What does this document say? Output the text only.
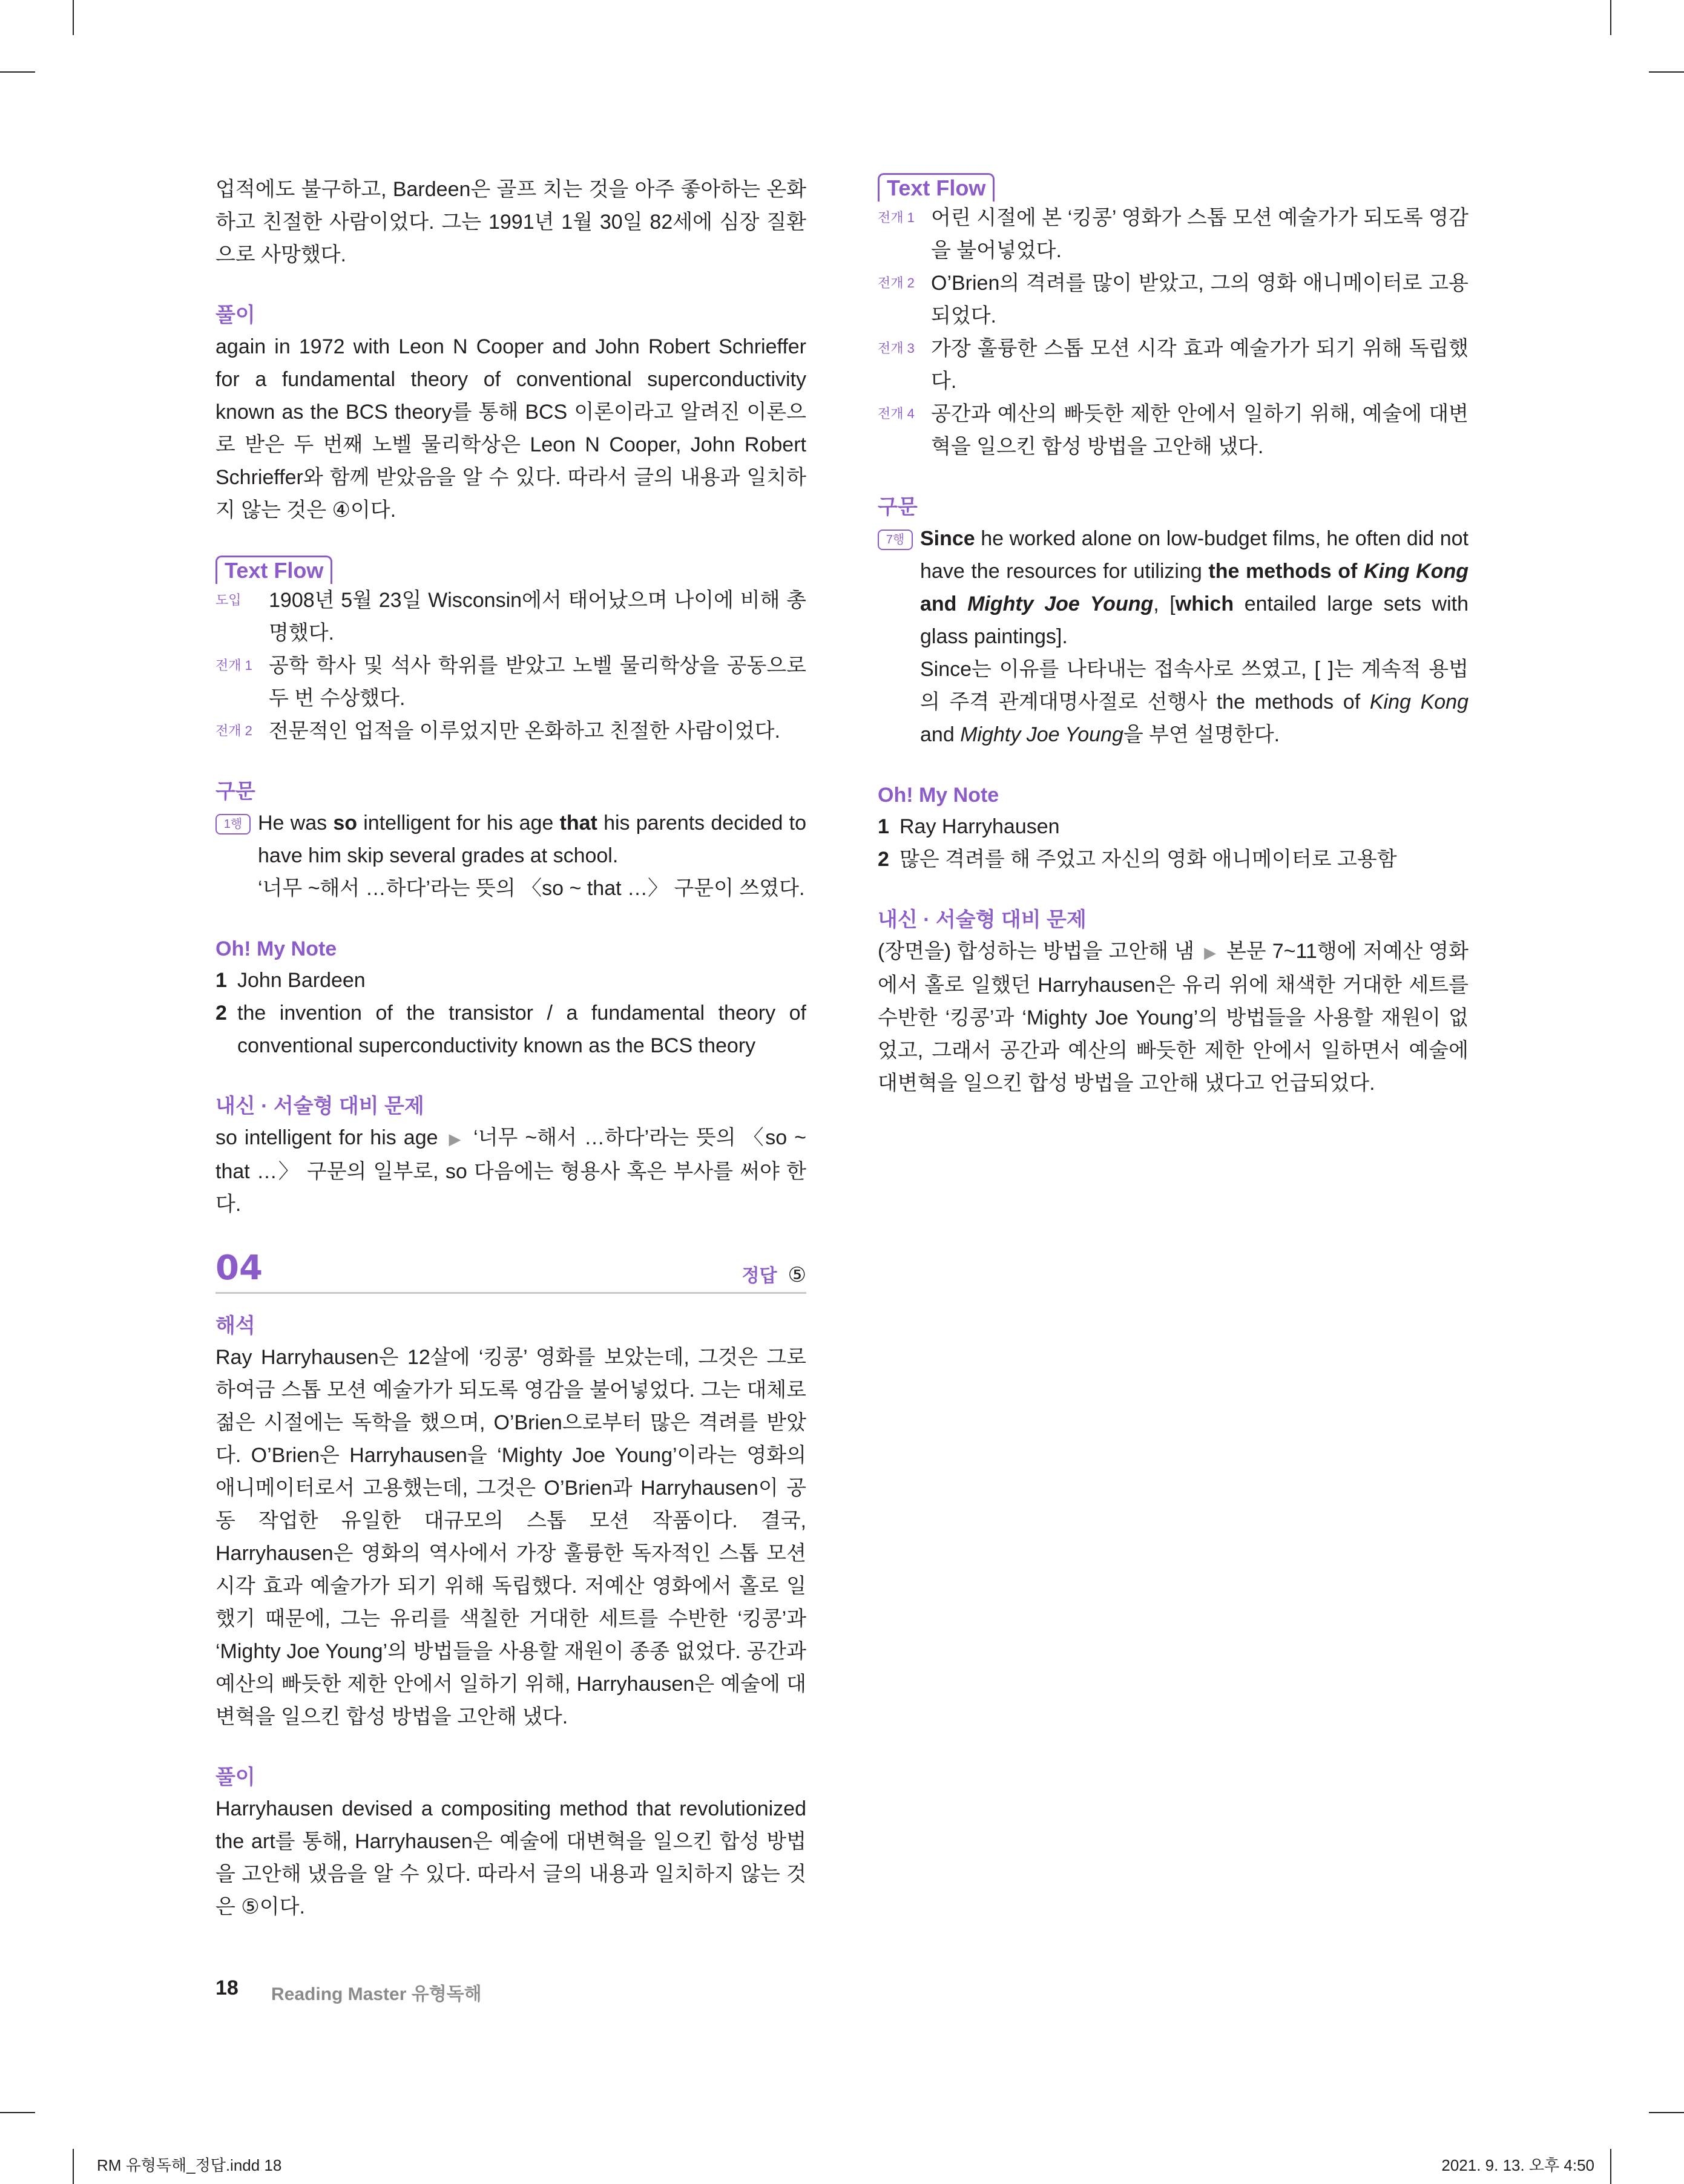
업적에도 불구하고, Bardeen은 골프 치는 것을 아주 좋아하는 온화하고 친절한 사람이었다. 그는 1991년 1월 30일 82세에 심장 질환으로 사망했다.

풀이

again in 1972 with Leon N Cooper and John Robert Schrieffer for a fundamental theory of conventional superconductivity known as the BCS theory를 통해 BCS 이론이라고 알려진 이론으로 받은 두 번째 노벨 물리학상은 Leon N Cooper, John Robert Schrieffer와 함께 받았음을 알 수 있다. 따라서 글의 내용과 일치하지 않는 것은 ④이다.

Text Flow
도입	1908년 5월 23일 Wisconsin에서 태어났으며 나이에 비해 총명했다.
전개 1 공학 학사 및 석사 학위를 받았고 노벨 물리학상을 공동으로 두 번 수상했다.
전개 2 전문적인 업적을 이루었지만 온화하고 친절한 사람이었다.

구문

1행 He was so intelligent for his age that his parents decided to have him skip several grades at school.
‘너무 ~해서 …하다’라는 뜻의 〈so ~ that …〉 구문이 쓰였다.

Oh! My Note

1 John Bardeen
2 the invention of the transistor / a fundamental theory of conventional superconductivity known as the BCS theory

내신 · 서술형 대비 문제

so intelligent for his age ▶ ‘너무 ~해서 …하다’라는 뜻의 〈so ~ that …〉 구문의 일부로, so 다음에는 형용사 혹은 부사를 써야 한다.

04	정답 ⑤

해석

Ray Harryhausen은 12살에 ‘킹콩’ 영화를 보았는데, 그것은 그로 하여금 스톱 모션 예술가가 되도록 영감을 불어넣었다. 그는 대체로 젊은 시절에는 독학을 했으며, O’Brien으로부터 많은 격려를 받았다. O’Brien은 Harryhausen을 ‘Mighty Joe Young’이라는 영화의 애니메이터로서 고용했는데, 그것은 O’Brien과 Harryhausen이 공동 작업한 유일한 대규모의 스톱 모션 작품이다. 결국, Harryhausen은 영화의 역사에서 가장 훌륭한 독자적인 스톱 모션 시각 효과 예술가가 되기 위해 독립했다. 저예산 영화에서 홀로 일했기 때문에, 그는 유리를 색칠한 거대한 세트를 수반한 ‘킹콩’과 ‘Mighty Joe Young’의 방법들을 사용할 재원이 종종 없었다. 공간과 예산의 빠듯한 제한 안에서 일하기 위해, Harryhausen은 예술에 대변혁을 일으킨 합성 방법을 고안해 냈다.

풀이

Harryhausen devised a compositing method that revolutionized the art를 통해, Harryhausen은 예술에 대변혁을 일으킨 합성 방법을 고안해 냈음을 알 수 있다. 따라서 글의 내용과 일치하지 않는 것은 ⑤이다.

Text Flow
전개 1 어린 시절에 본 ‘킹콩’ 영화가 스톱 모션 예술가가 되도록 영감을 불어넣었다.
전개 2 O’Brien의 격려를 많이 받았고, 그의 영화 애니메이터로 고용되었다.
전개 3 가장 훌륭한 스톱 모션 시각 효과 예술가가 되기 위해 독립했다.
전개 4 공간과 예산의 빠듯한 제한 안에서 일하기 위해, 예술에 대변혁을 일으킨 합성 방법을 고안해 냈다.

구문

7행 Since he worked alone on low-budget films, he often did not have the resources for utilizing the methods of King Kong and Mighty Joe Young, [which entailed large sets with glass paintings].
Since는 이유를 나타내는 접속사로 쓰였고, [ ]는 계속적 용법의 주격 관계대명사절로 선행사 the methods of King Kong and Mighty Joe Young을 부연 설명한다.

Oh! My Note

1 Ray Harryhausen
2 많은 격려를 해 주었고 자신의 영화 애니메이터로 고용함

내신 · 서술형 대비 문제

(장면을) 합성하는 방법을 고안해 냄 ▶ 본문 7~11행에 저예산 영화에서 홀로 일했던 Harryhausen은 유리 위에 채색한 거대한 세트를 수반한 ‘킹콩’과 ‘Mighty Joe Young’의 방법들을 사용할 재원이 없었고, 그래서 공간과 예산의 빠듯한 제한 안에서 일하면서 예술에 대변혁을 일으킨 합성 방법을 고안해 냈다고 언급되었다.

18 Reading Master 유형독해
RM 유형독해_정답.indd 18	2021. 9. 13. 오후 4:50
